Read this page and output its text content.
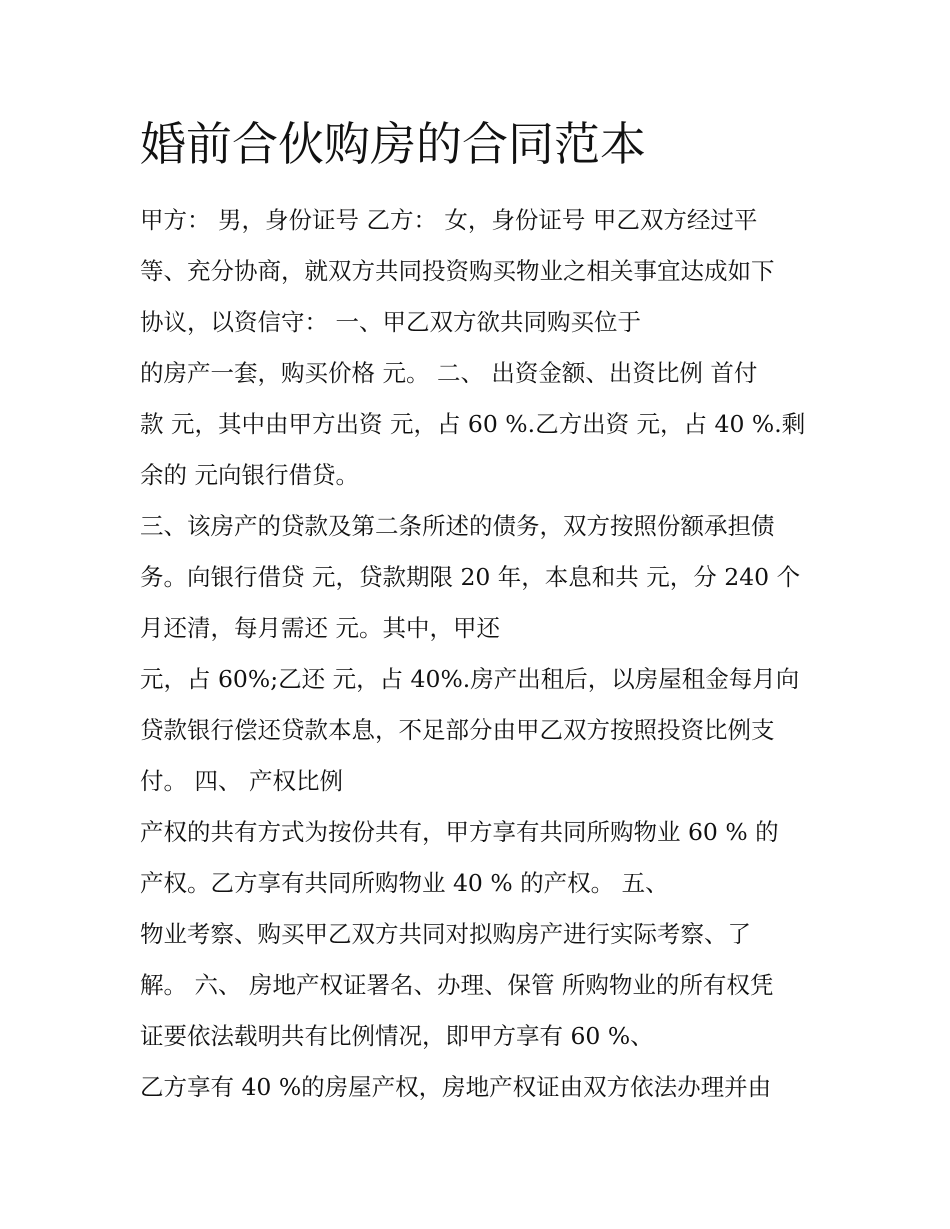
婚前合伙购房的合同范本

甲方： 男，身份证号 乙方： 女，身份证号 甲乙双方经过平

等、充分协商，就双方共同投资购买物业之相关事宜达成如下

协议，以资信守： 一、甲乙双方欲共同购买位于

的房产一套，购买价格 元。 二、 出资金额、出资比例 首付

款 元，其中由甲方出资 元，占 60 %.乙方出资 元，占 40 %.剩

余的 元向银行借贷。

三、该房产的贷款及第二条所述的债务，双方按照份额承担债

务。向银行借贷 元，贷款期限 20 年，本息和共 元，分 240 个

月还清，每月需还 元。其中，甲还

元，占 60%;乙还 元，占 40%.房产出租后，以房屋租金每月向

贷款银行偿还贷款本息，不足部分由甲乙双方按照投资比例支

付。 四、 产权比例

产权的共有方式为按份共有，甲方享有共同所购物业 60 % 的

产权。乙方享有共同所购物业 40 % 的产权。 五、

物业考察、购买甲乙双方共同对拟购房产进行实际考察、了

解。 六、 房地产权证署名、办理、保管 所购物业的所有权凭

证要依法载明共有比例情况，即甲方享有 60 %、

乙方享有 40 %的房屋产权，房地产权证由双方依法办理并由
